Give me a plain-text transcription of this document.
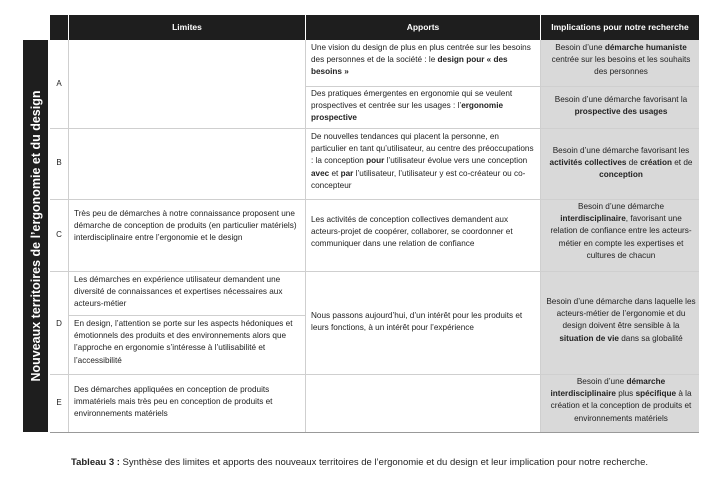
Limites	Apports	Implications pour notre recherche
Nouveaux territoires de l’ergonomie et du design
A
B
C
D
E
Une vision du design de plus en plus centrée sur les besoins des personnes et de la société : le design pour « des besoins »
Besoin d’une démarche humaniste centrée sur les besoins et les souhaits des personnes
Des pratiques émergentes en ergonomie qui se veulent prospectives et centrée sur les usages : l’ergonomie prospective
Besoin d’une démarche favorisant la prospective des usages
De nouvelles tendances qui placent la personne, en particulier en tant qu’utilisateur, au centre des préoccupations : la conception pour l’utilisateur évolue vers une conception avec et par l’utilisateur, l’utilisateur y est co-créateur ou co-concepteur
Besoin d’une démarche favorisant les activités collectives de création et de conception
Très peu de démarches à notre connaissance proposent une démarche de conception de produits (en particulier matériels) interdisciplinaire entre l’ergonomie et le design
Les activités de conception collectives demandent aux acteurs-projet de coopérer, collaborer, se coordonner et communiquer dans une relation de confiance
Besoin d’une démarche interdisciplinaire, favorisant une relation de confiance entre les acteurs-métier en compte les expertises et cultures de chacun
Les démarches en expérience utilisateur demandent une diversité de connaissances et expertises nécessaires aux acteurs-métier
En design, l’attention se porte sur les aspects hédoniques et émotionnels des produits et des environnements alors que l’approche en ergonomie s’intéresse à l’utilisabilité et l’accessibilité
Nous passons aujourd’hui, d’un intérêt pour les produits et leurs fonctions, à un intérêt pour l’expérience
Besoin d’une démarche dans laquelle les acteurs-métier de l’ergonomie et du design doivent être sensible à la situation de vie dans sa globalité
Des démarches appliquées en conception de produits immatériels mais très peu en conception de produits et environnements matériels
Besoin d’une démarche interdisciplinaire plus spécifique à la création et la conception de produits et environnements matériels
Tableau 3 : Synthèse des limites et apports des nouveaux territoires de l’ergonomie et du design et leur implication pour notre recherche.
